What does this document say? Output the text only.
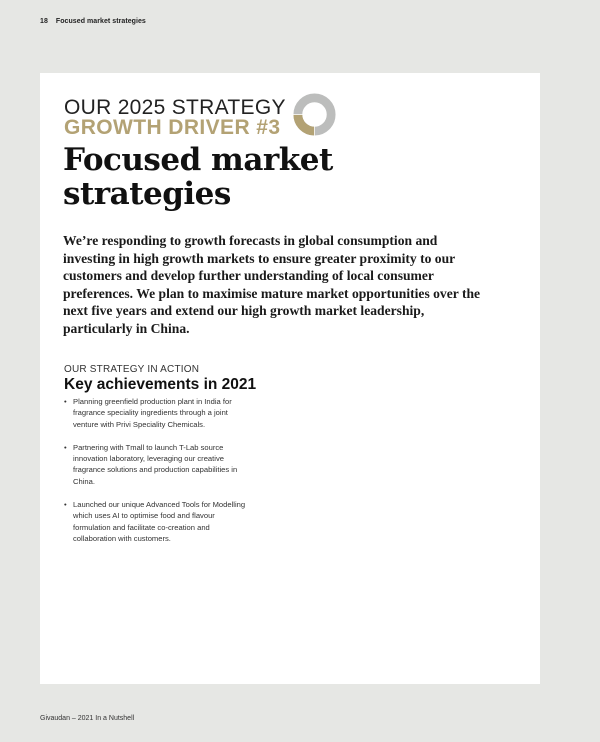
18 Focused market strategies
OUR 2025 STRATEGY
GROWTH DRIVER #3
Focused market
strategies

We’re responding to growth forecasts in global consumption and investing in high growth markets to ensure greater proximity to our customers and develop further understanding of local consumer preferences. We plan to maximise mature market opportunities over the next five years and extend our high growth market leadership, particularly in China.

OUR STRATEGY IN ACTION
Key achievements in 2021
• Planning greenfield production plant in India for fragrance speciality ingredients through a joint venture with Privi Speciality Chemicals.
• Partnering with Tmall to launch T-Lab source innovation laboratory, leveraging our creative fragrance solutions and production capabilities in China.
• Launched our unique Advanced Tools for Modelling which uses AI to optimise food and flavour formulation and facilitate co-creation and collaboration with customers.
Givaudan – 2021 In a Nutshell
